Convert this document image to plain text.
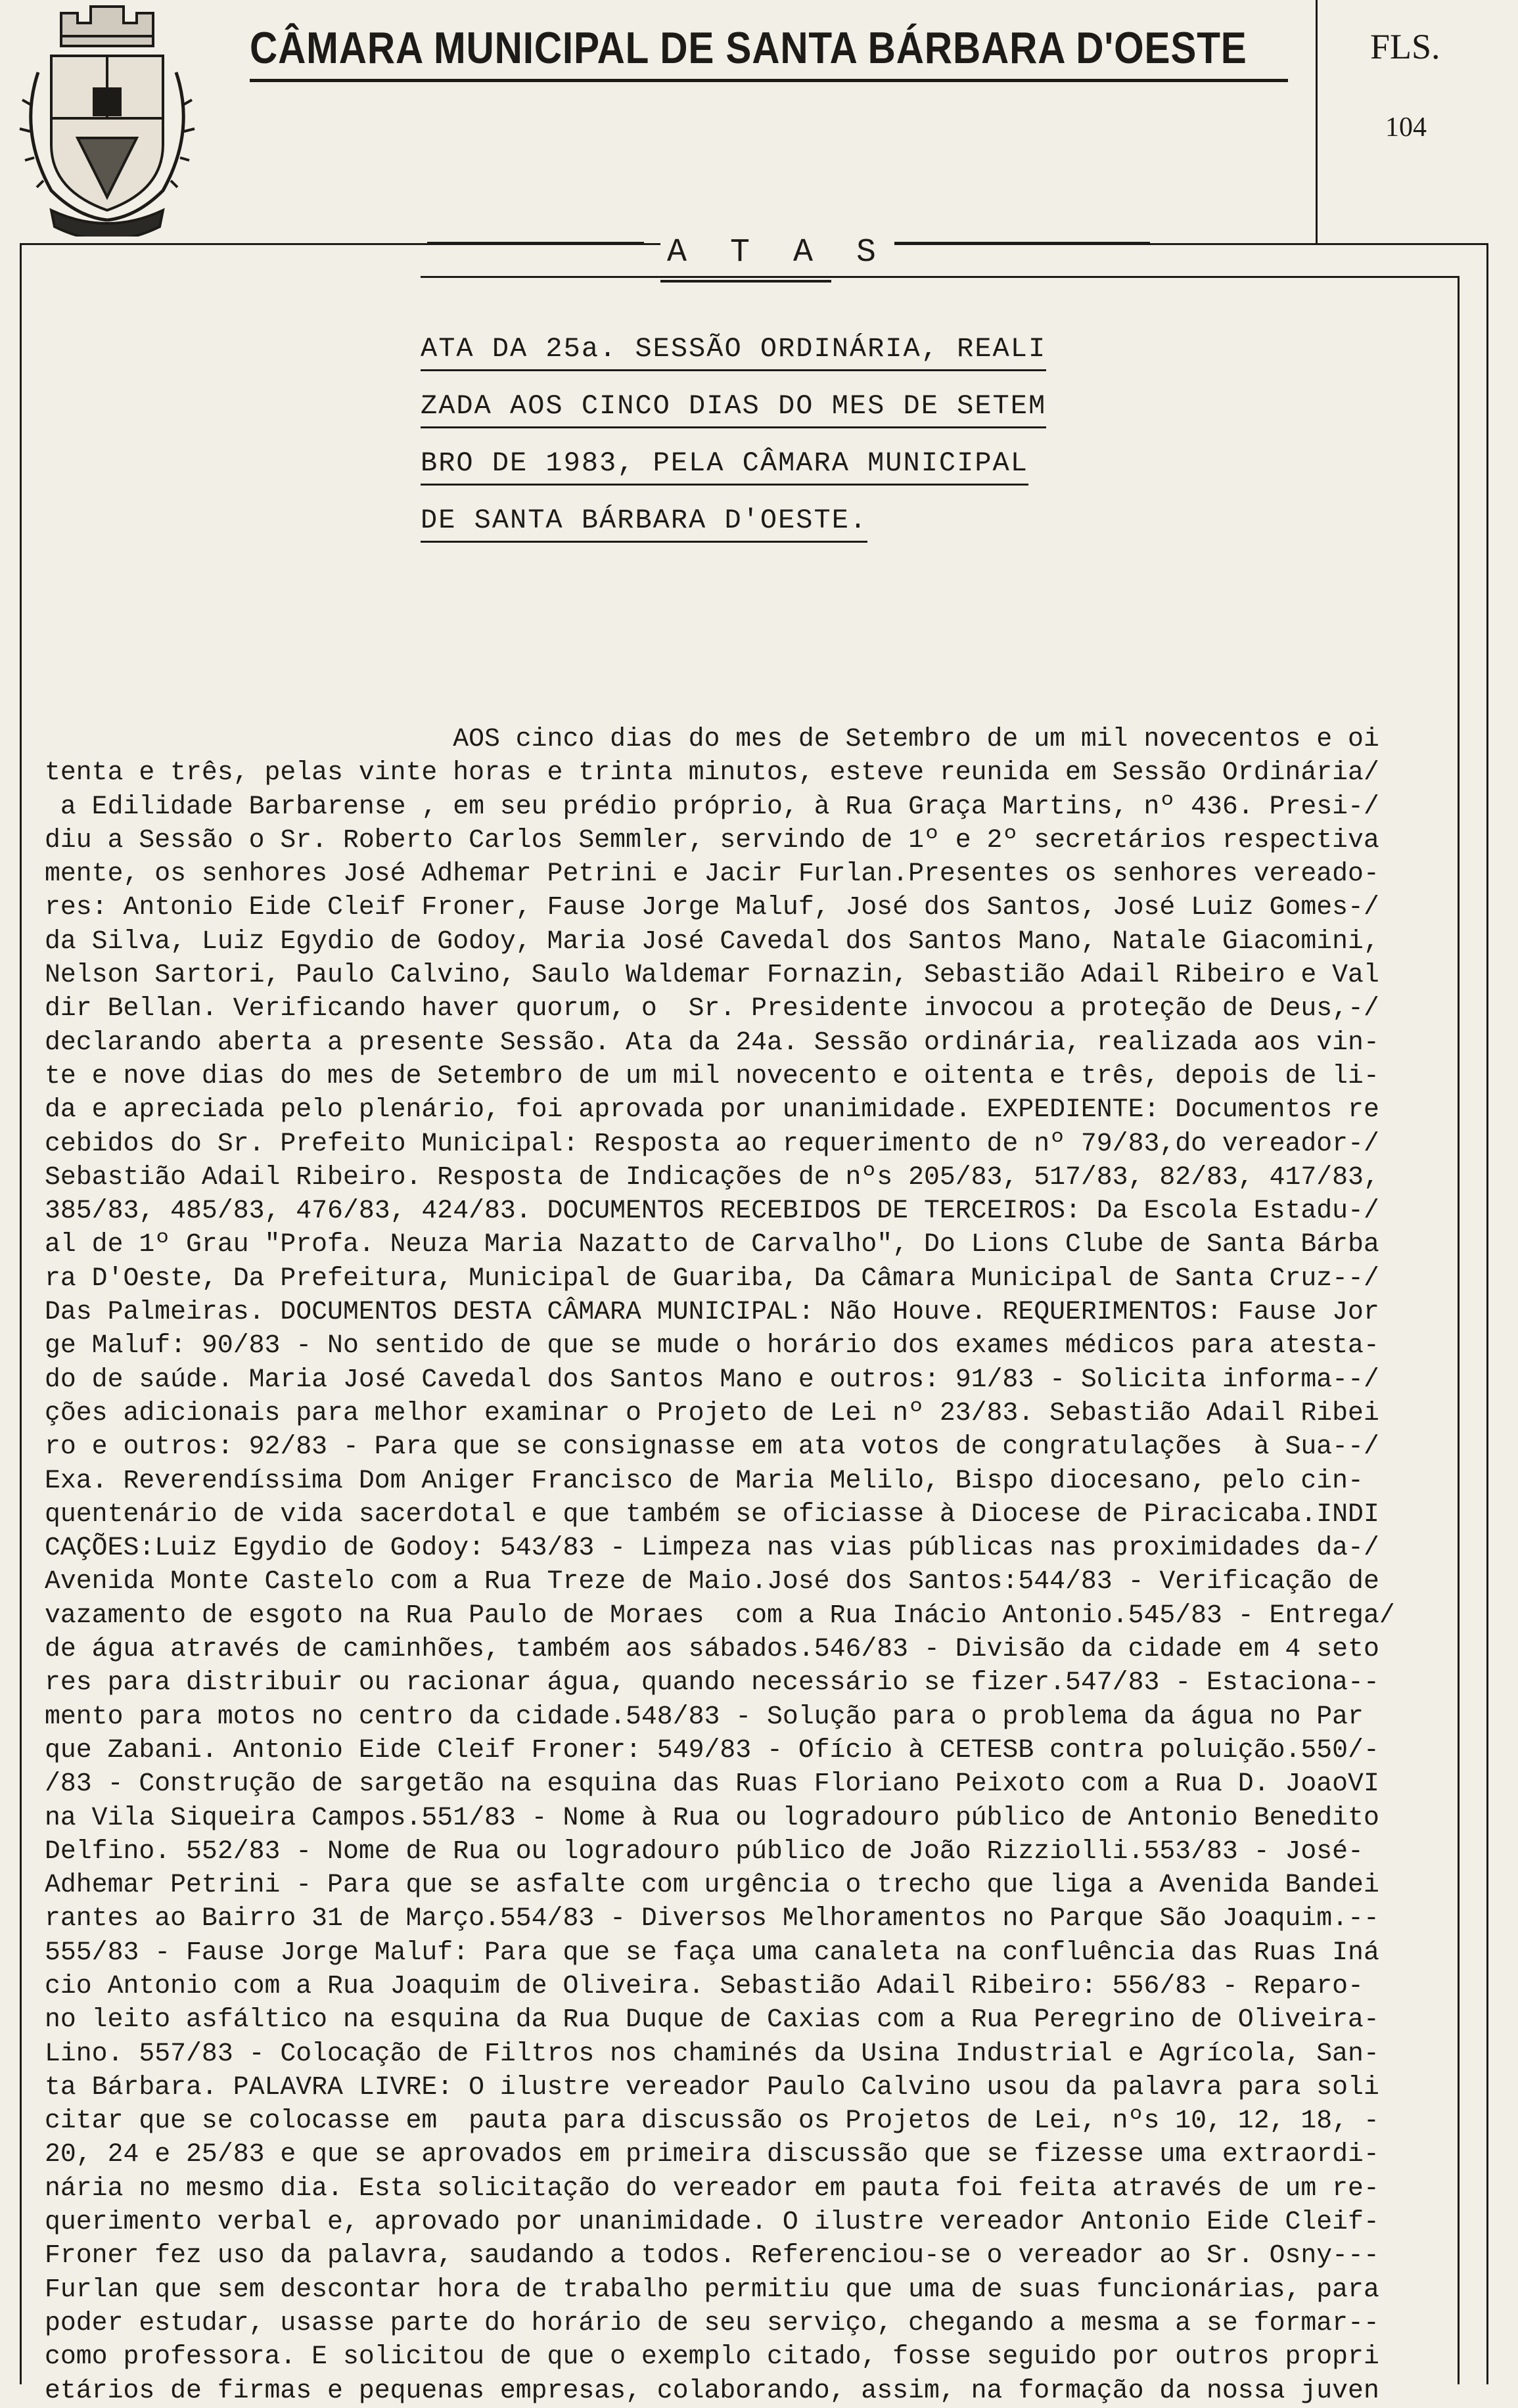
CÂMARA MUNICIPAL DE SANTA BÁRBARA D'OESTE	FLS.
104
A T A S
ATA DA 25a. SESSÃO ORDINÁRIA, REALI
ZADA AOS CINCO DIAS DO MES DE SETEM
BRO DE 1983, PELA CÂMARA MUNICIPAL
DE SANTA BÁRBARA D'OESTE.
AOS cinco dias do mes de Setembro de um mil novecentos e oi
tenta e três, pelas vinte horas e trinta minutos, esteve reunida em Sessão Ordinária/
a Edilidade Barbarense , em seu prédio próprio, à Rua Graça Martins, nº 436. Presi-/
diu a Sessão o Sr. Roberto Carlos Semmler, servindo de 1º e 2º secretários respectiva
mente, os senhores José Adhemar Petrini e Jacir Furlan.Presentes os senhores vereado-
res: Antonio Eide Cleif Froner, Fause Jorge Maluf, José dos Santos, José Luiz Gomes-/
da Silva, Luiz Egydio de Godoy, Maria José Cavedal dos Santos Mano, Natale Giacomini,
Nelson Sartori, Paulo Calvino, Saulo Waldemar Fornazin, Sebastião Adail Ribeiro e Val
dir Bellan. Verificando haver quorum, o  Sr. Presidente invocou a proteção de Deus,-/
declarando aberta a presente Sessão. Ata da 24a. Sessão ordinária, realizada aos vin-
te e nove dias do mes de Setembro de um mil novecento e oitenta e três, depois de li-
da e apreciada pelo plenário, foi aprovada por unanimidade. EXPEDIENTE: Documentos re
cebidos do Sr. Prefeito Municipal: Resposta ao requerimento de nº 79/83,do vereador-/
Sebastião Adail Ribeiro. Resposta de Indicações de nºs 205/83, 517/83, 82/83, 417/83,
385/83, 485/83, 476/83, 424/83. DOCUMENTOS RECEBIDOS DE TERCEIROS: Da Escola Estadu-/
al de 1º Grau "Profa. Neuza Maria Nazatto de Carvalho", Do Lions Clube de Santa Bárba
ra D'Oeste, Da Prefeitura, Municipal de Guariba, Da Câmara Municipal de Santa Cruz--/
Das Palmeiras. DOCUMENTOS DESTA CÂMARA MUNICIPAL: Não Houve. REQUERIMENTOS: Fause Jor
ge Maluf: 90/83 - No sentido de que se mude o horário dos exames médicos para atesta-
do de saúde. Maria José Cavedal dos Santos Mano e outros: 91/83 - Solicita informa--/
ções adicionais para melhor examinar o Projeto de Lei nº 23/83. Sebastião Adail Ribei
ro e outros: 92/83 - Para que se consignasse em ata votos de congratulações  à Sua--/
Exa. Reverendíssima Dom Aniger Francisco de Maria Melilo, Bispo diocesano, pelo cin-
quentenário de vida sacerdotal e que também se oficiasse à Diocese de Piracicaba.INDI
CAÇÕES:Luiz Egydio de Godoy: 543/83 - Limpeza nas vias públicas nas proximidades da-/
Avenida Monte Castelo com a Rua Treze de Maio.José dos Santos:544/83 - Verificação de
vazamento de esgoto na Rua Paulo de Moraes  com a Rua Inácio Antonio.545/83 - Entrega/
de água através de caminhões, também aos sábados.546/83 - Divisão da cidade em 4 seto
res para distribuir ou racionar água, quando necessário se fizer.547/83 - Estaciona--
mento para motos no centro da cidade.548/83 - Solução para o problema da água no Par
que Zabani. Antonio Eide Cleif Froner: 549/83 - Ofício à CETESB contra poluição.550/-
/83 - Construção de sargetão na esquina das Ruas Floriano Peixoto com a Rua D. JoaoVI
na Vila Siqueira Campos.551/83 - Nome à Rua ou logradouro público de Antonio Benedito
Delfino. 552/83 - Nome de Rua ou logradouro público de João Rizziolli.553/83 - José-
Adhemar Petrini - Para que se asfalte com urgência o trecho que liga a Avenida Bandei
rantes ao Bairro 31 de Março.554/83 - Diversos Melhoramentos no Parque São Joaquim.--
555/83 - Fause Jorge Maluf: Para que se faça uma canaleta na confluência das Ruas Iná
cio Antonio com a Rua Joaquim de Oliveira. Sebastião Adail Ribeiro: 556/83 - Reparo-
no leito asfáltico na esquina da Rua Duque de Caxias com a Rua Peregrino de Oliveira-
Lino. 557/83 - Colocação de Filtros nos chaminés da Usina Industrial e Agrícola, San-
ta Bárbara. PALAVRA LIVRE: O ilustre vereador Paulo Calvino usou da palavra para soli
citar que se colocasse em  pauta para discussão os Projetos de Lei, nºs 10, 12, 18, -
20, 24 e 25/83 e que se aprovados em primeira discussão que se fizesse uma extraordi-
nária no mesmo dia. Esta solicitação do vereador em pauta foi feita através de um re-
querimento verbal e, aprovado por unanimidade. O ilustre vereador Antonio Eide Cleif-
Froner fez uso da palavra, saudando a todos. Referenciou-se o vereador ao Sr. Osny---
Furlan que sem descontar hora de trabalho permitiu que uma de suas funcionárias, para
poder estudar, usasse parte do horário de seu serviço, chegando a mesma a se formar--
como professora. E solicitou de que o exemplo citado, fosse seguido por outros propri
etários de firmas e pequenas empresas, colaborando, assim, na formação da nossa juven
